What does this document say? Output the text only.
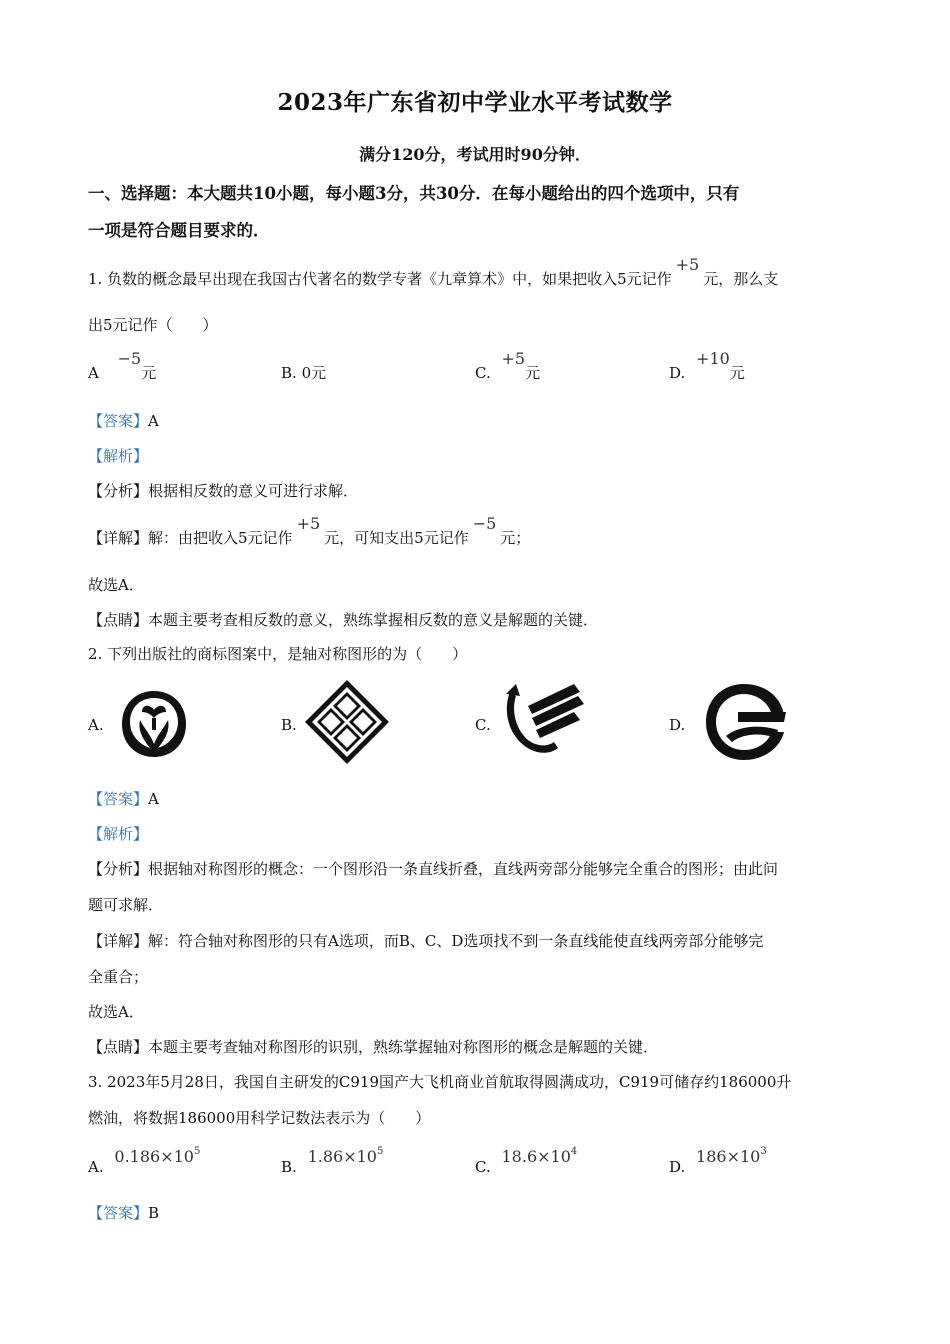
2023年广东省初中学业水平考试数学
满分120分，考试用时90分钟．
一、选择题：本大题共10小题，每小题3分，共30分．在每小题给出的四个选项中，只有
一项是符合题目要求的．
1. 负数的概念最早出现在我国古代著名的数学专著《九章算术》中，如果把收入5元记作+5元，那么支
出5元记作（　　）
A −5元	B. 0元	C. +5元	D. +10元
【答案】A
【解析】
【分析】根据相反数的意义可进行求解．
【详解】解：由把收入5元记作+5元，可知支出5元记作−5元；
故选A．
【点睛】本题主要考查相反数的意义，熟练掌握相反数的意义是解题的关键．
2. 下列出版社的商标图案中，是轴对称图形的为（　　）
A.	B.	C.	D.
【答案】A
【解析】
【分析】根据轴对称图形的概念：一个图形沿一条直线折叠，直线两旁部分能够完全重合的图形；由此问
题可求解．
【详解】解：符合轴对称图形的只有A选项，而B、C、D选项找不到一条直线能使直线两旁部分能够完
全重合；
故选A．
【点睛】本题主要考查轴对称图形的识别，熟练掌握轴对称图形的概念是解题的关键．
3. 2023年5月28日，我国自主研发的C919国产大飞机商业首航取得圆满成功，C919可储存约186000升
燃油，将数据186000用科学记数法表示为（　　）
A. $0.186\times 10^5$
B. $1.86\times 10^5$
C. $18.6\times 10^4$
D. $186\times 10^3$
【答案】B
